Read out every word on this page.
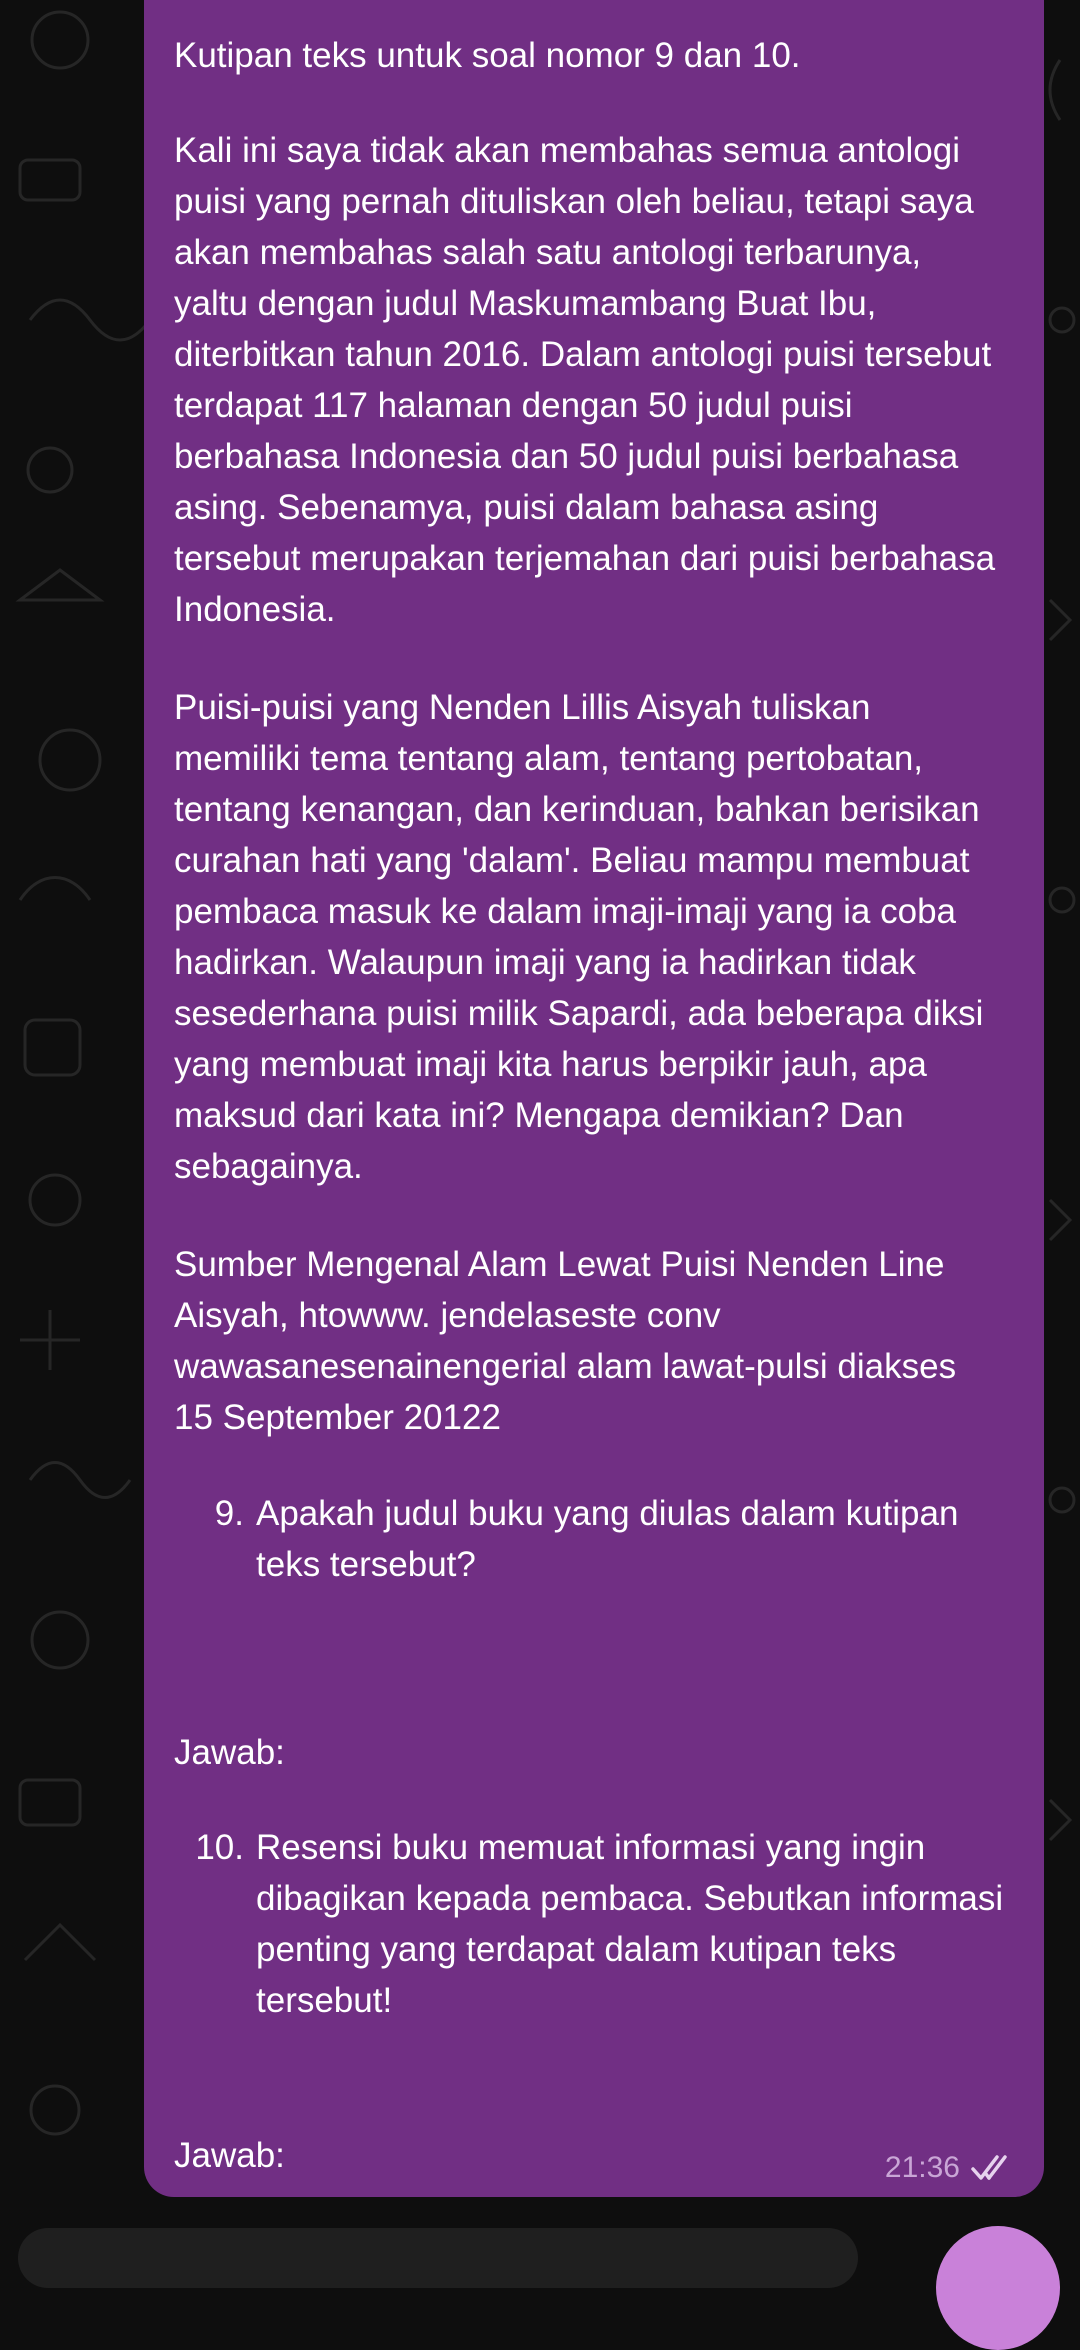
Kutipan teks untuk soal nomor 9 dan 10.

Kali ini saya tidak akan membahas semua antologi puisi yang pernah dituliskan oleh beliau, tetapi saya akan membahas salah satu antologi terbarunya, yaltu dengan judul Maskumambang Buat Ibu, diterbitkan tahun 2016. Dalam antologi puisi tersebut terdapat 117 halaman dengan 50 judul puisi berbahasa Indonesia dan 50 judul puisi berbahasa asing. Sebenamya, puisi dalam bahasa asing tersebut merupakan terjemahan dari puisi berbahasa Indonesia.

Puisi-puisi yang Nenden Lillis Aisyah tuliskan memiliki tema tentang alam, tentang pertobatan, tentang kenangan, dan kerinduan, bahkan berisikan curahan hati yang 'dalam'. Beliau mampu membuat pembaca masuk ke dalam imaji-imaji yang ia coba hadirkan. Walaupun imaji yang ia hadirkan tidak sesederhana puisi milik Sapardi, ada beberapa diksi yang membuat imaji kita harus berpikir jauh, apa maksud dari kata ini? Mengapa demikian? Dan sebagainya.

Sumber Mengenal Alam Lewat Puisi Nenden Line Aisyah, htowww. jendelaseste conv wawasanesenainengerial alam lawat-pulsi diakses 15 September 20122

9. Apakah judul buku yang diulas dalam kutipan teks tersebut?

Jawab:

10. Resensi buku memuat informasi yang ingin dibagikan kepada pembaca. Sebutkan informasi penting yang terdapat dalam kutipan teks tersebut!

Jawab:	21:36
